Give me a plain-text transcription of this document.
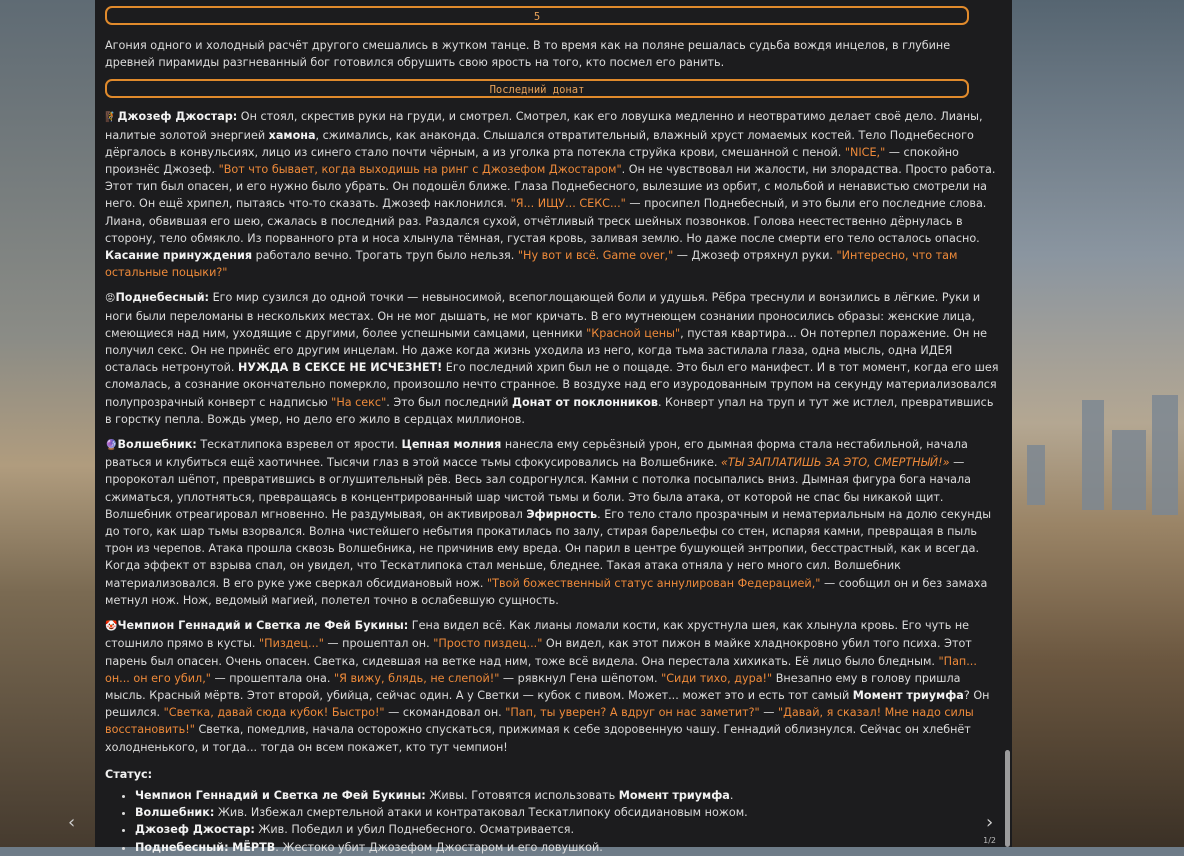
5

Агония одного и холодный расчёт другого смешались в жутком танце. В то время как на поляне решалась судьба вождя инцелов, в глубине древней пирамиды разгневанный бог готовился обрушить свою ярость на того, кто посмел его ранить.

Последний донат

🧗Джозеф Джостар: Он стоял, скрестив руки на груди, и смотрел. Смотрел, как его ловушка медленно и неотвратимо делает своё дело. Лианы, налитые золотой энергией хамона, сжимались, как анаконда. Слышался отвратительный, влажный хруст ломаемых костей. Тело Поднебесного дёргалось в конвульсиях, лицо из синего стало почти чёрным, а из уголка рта потекла струйка крови, смешанной с пеной. "NICE," — спокойно произнёс Джозеф. "Вот что бывает, когда выходишь на ринг с Джозефом Джостаром". Он не чувствовал ни жалости, ни злорадства. Просто работа. Этот тип был опасен, и его нужно было убрать. Он подошёл ближе. Глаза Поднебесного, вылезшие из орбит, с мольбой и ненавистью смотрели на него. Он ещё хрипел, пытаясь что-то сказать. Джозеф наклонился. "Я... ИЩУ... СЕКС..." — просипел Поднебесный, и это были его последние слова. Лиана, обвившая его шею, сжалась в последний раз. Раздался сухой, отчётливый треск шейных позвонков. Голова неестественно дёрнулась в сторону, тело обмякло. Из порванного рта и носа хлынула тёмная, густая кровь, заливая землю. Но даже после смерти его тело осталось опасно. Касание принуждения работало вечно. Трогать труп было нельзя. "Ну вот и всё. Game over," — Джозеф отряхнул руки. "Интересно, что там остальные поцыки?"

😡Поднебесный: Его мир сузился до одной точки — невыносимой, всепоглощающей боли и удушья. Рёбра треснули и вонзились в лёгкие. Руки и ноги были переломаны в нескольких местах. Он не мог дышать, не мог кричать. В его мутнеющем сознании проносились образы: женские лица, смеющиеся над ним, уходящие с другими, более успешными самцами, ценники "Красной цены", пустая квартира... Он потерпел поражение. Он не получил секс. Он не принёс его другим инцелам. Но даже когда жизнь уходила из него, когда тьма застилала глаза, одна мысль, одна ИДЕЯ осталась нетронутой. НУЖДА В СЕКСЕ НЕ ИСЧЕЗНЕТ! Его последний хрип был не о пощаде. Это был его манифест. И в тот момент, когда его шея сломалась, а сознание окончательно померкло, произошло нечто странное. В воздухе над его изуродованным трупом на секунду материализовался полупрозрачный конверт с надписью "На секс". Это был последний Донат от поклонников. Конверт упал на труп и тут же истлел, превратившись в горстку пепла. Вождь умер, но дело его жило в сердцах миллионов.

🔮Волшебник: Тескатлипока взревел от ярости. Цепная молния нанесла ему серьёзный урон, его дымная форма стала нестабильной, начала рваться и клубиться ещё хаотичнее. Тысячи глаз в этой массе тьмы сфокусировались на Волшебнике. «ТЫ ЗАПЛАТИШЬ ЗА ЭТО, СМЕРТНЫЙ!» — пророкотал шёпот, превратившись в оглушительный рёв. Весь зал содрогнулся. Камни с потолка посыпались вниз. Дымная фигура бога начала сжиматься, уплотняться, превращаясь в концентрированный шар чистой тьмы и боли. Это была атака, от которой не спас бы никакой щит. Волшебник отреагировал мгновенно. Не раздумывая, он активировал Эфирность. Его тело стало прозрачным и нематериальным на долю секунды до того, как шар тьмы взорвался. Волна чистейшего небытия прокатилась по залу, стирая барельефы со стен, испаряя камни, превращая в пыль трон из черепов. Атака прошла сквозь Волшебника, не причинив ему вреда. Он парил в центре бушующей энтропии, бесстрастный, как и всегда. Когда эффект от взрыва спал, он увидел, что Тескатлипока стал меньше, бледнее. Такая атака отняла у него много сил. Волшебник материализовался. В его руке уже сверкал обсидиановый нож. "Твой божественный статус аннулирован Федерацией," — сообщил он и без замаха метнул нож. Нож, ведомый магией, полетел точно в ослабевшую сущность.

🤡Чемпион Геннадий и Светка ле Фей Букины: Гена видел всё. Как лианы ломали кости, как хрустнула шея, как хлынула кровь. Его чуть не стошнило прямо в кусты. "Пиздец..." — прошептал он. "Просто пиздец..." Он видел, как этот пижон в майке хладнокровно убил того психа. Этот парень был опасен. Очень опасен. Светка, сидевшая на ветке над ним, тоже всё видела. Она перестала хихикать. Её лицо было бледным. "Пап... он... он его убил," — прошептала она. "Я вижу, блядь, не слепой!" — рявкнул Гена шёпотом. "Сиди тихо, дура!" Внезапно ему в голову пришла мысль. Красный мёртв. Этот второй, убийца, сейчас один. А у Светки — кубок с пивом. Может... может это и есть тот самый Момент триумфа? Он решился. "Светка, давай сюда кубок! Быстро!" — скомандовал он. "Пап, ты уверен? А вдруг он нас заметит?" — "Давай, я сказал! Мне надо силы восстановить!" Светка, помедлив, начала осторожно спускаться, прижимая к себе здоровенную чашу. Геннадий облизнулся. Сейчас он хлебнёт холодненького, и тогда... тогда он всем покажет, кто тут чемпион!

Статус:
• Чемпион Геннадий и Светка ле Фей Букины: Живы. Готовятся использовать Момент триумфа.
• Волшебник: Жив. Избежал смертельной атаки и контратаковал Тескатлипоку обсидиановым ножом.
• Джозеф Джостар: Жив. Победил и убил Поднебесного. Осматривается.
• Поднебесный: МЁРТВ. Жестоко убит Джозефом Джостаром и его ловушкой.
‹	›
1/2
